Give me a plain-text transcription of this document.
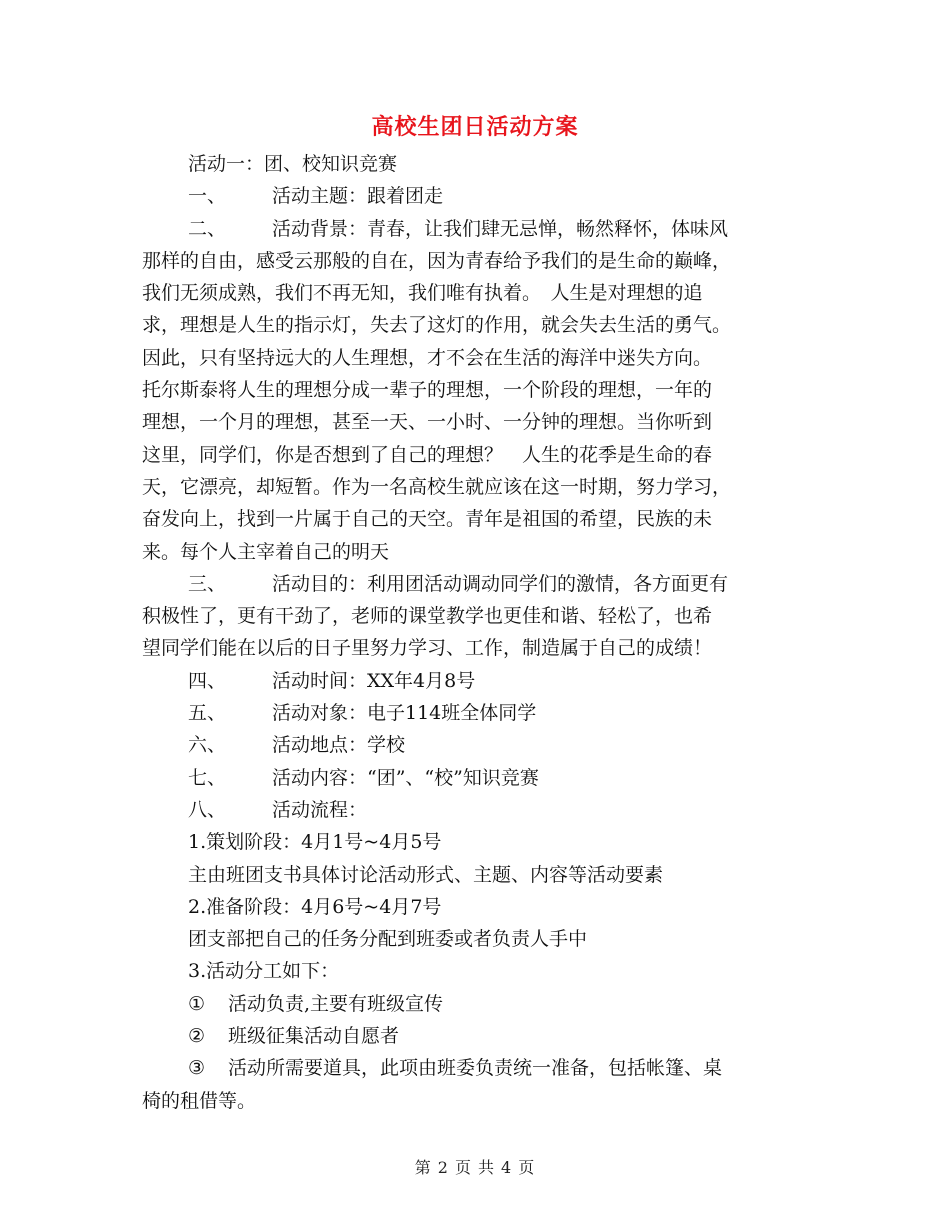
高校生团日活动方案
活动一：团、校知识竞赛
一、 活动主题：跟着团走
二、 活动背景：青春，让我们肆无忌惮，畅然释怀，体味风
那样的自由，感受云那般的自在，因为青春给予我们的是生命的巅峰，
我们无须成熟，我们不再无知，我们唯有执着。　人生是对理想的追
求，理想是人生的指示灯，失去了这灯的作用，就会失去生活的勇气。
因此，只有坚持远大的人生理想，才不会在生活的海洋中迷失方向。
托尔斯泰将人生的理想分成一辈子的理想，一个阶段的理想，一年的
理想，一个月的理想，甚至一天、一小时、一分钟的理想。当你听到
这里，同学们，你是否想到了自己的理想？　人生的花季是生命的春
天，它漂亮，却短暂。作为一名高校生就应该在这一时期，努力学习，
奋发向上，找到一片属于自己的天空。青年是祖国的希望，民族的未
来。每个人主宰着自己的明天
三、 活动目的：利用团活动调动同学们的激情，各方面更有
积极性了，更有干劲了，老师的课堂教学也更佳和谐、轻松了，也希
望同学们能在以后的日子里努力学习、工作，制造属于自己的成绩！
四、 活动时间：XX年4月8号
五、 活动对象：电子114班全体同学
六、 活动地点：学校
七、 活动内容：“团”、“校”知识竞赛
八、 活动流程：
1.策划阶段：4月1号~4月5号
主由班团支书具体讨论活动形式、主题、内容等活动要素
2.准备阶段：4月6号~4月7号
团支部把自己的任务分配到班委或者负责人手中
3.活动分工如下：
① 活动负责,主要有班级宣传
② 班级征集活动自愿者
③ 活动所需要道具，此项由班委负责统一准备，包括帐篷、桌
椅的租借等。
第 2 页 共 4 页
